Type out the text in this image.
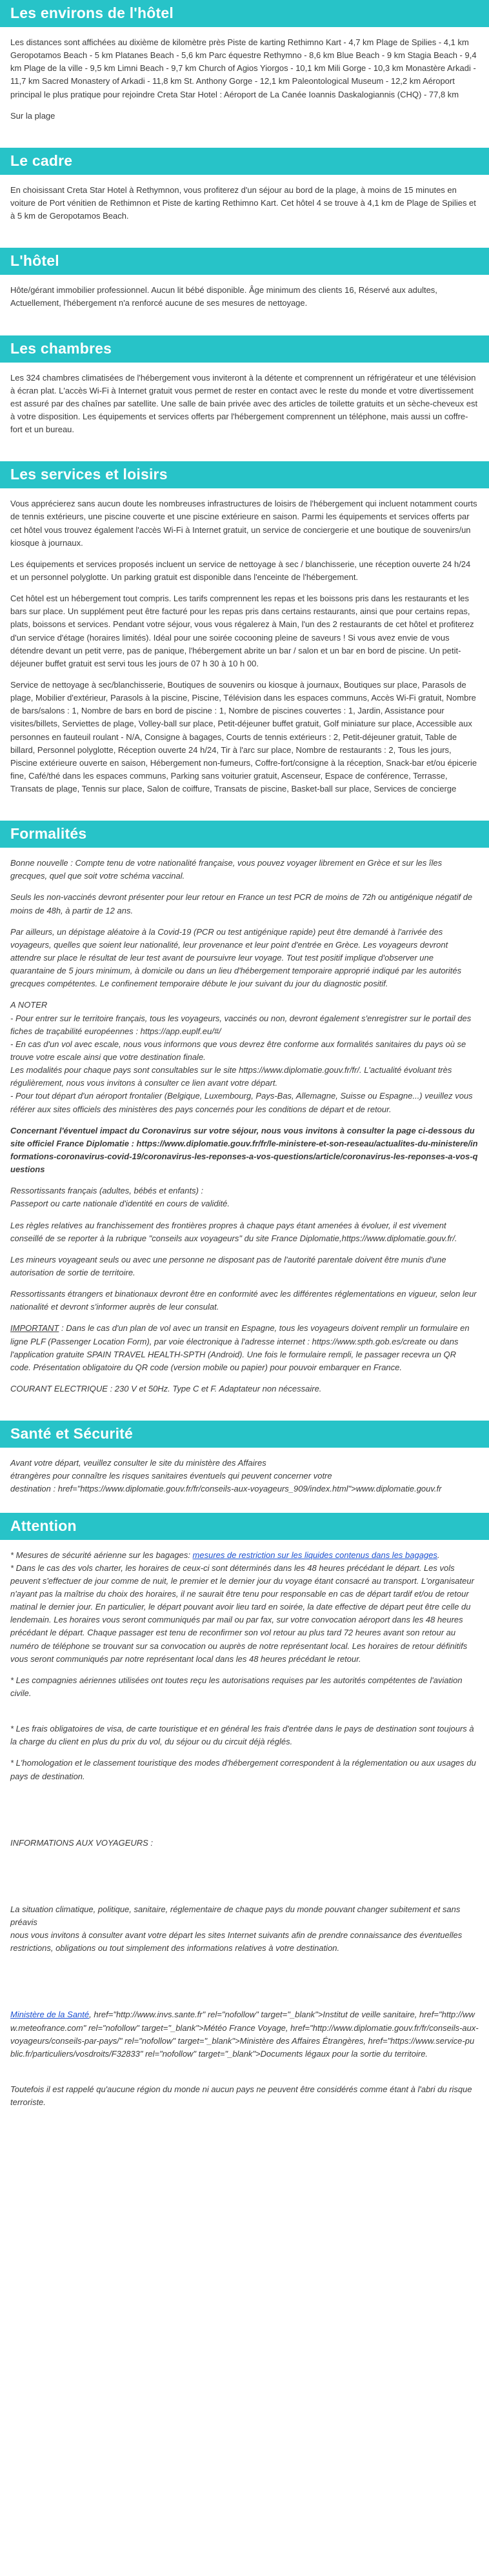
Les environs de l'hôtel

Les distances sont affichées au dixième de kilomètre près Piste de karting Rethimno Kart - 4,7 km Plage de Spilies - 4,1 km Geropotamos Beach - 5 km Platanes Beach - 5,6 km Parc équestre Rethymno - 8,6 km Blue Beach - 9 km Stagia Beach - 9,4 km Plage de la ville - 9,5 km Limni Beach - 9,7 km Church of Agios Yiorgos - 10,1 km Mili Gorge - 10,3 km Monastère Arkadi - 11,7 km Sacred Monastery of Arkadi - 11,8 km St. Anthony Gorge - 12,1 km Paleontological Museum - 12,2 km Aéroport principal le plus pratique pour rejoindre Creta Star Hotel : Aéroport de La Canée Ioannis Daskalogiannis (CHQ) - 77,8 km

Sur la plage

Le cadre

En choisissant Creta Star Hotel à Rethymnon, vous profiterez d'un séjour au bord de la plage, à moins de 15 minutes en voiture de Port vénitien de Rethimnon et Piste de karting Rethimno Kart. Cet hôtel 4 se trouve à 4,1 km de Plage de Spilies et à 5 km de Geropotamos Beach.

L'hôtel

Hôte/gérant immobilier professionnel. Aucun lit bébé disponible. Âge minimum des clients 16, Réservé aux adultes, Actuellement, l'hébergement n'a renforcé aucune de ses mesures de nettoyage.

Les chambres

Les 324 chambres climatisées de l'hébergement vous inviteront à la détente et comprennent un réfrigérateur et une télévision à écran plat. L'accès Wi-Fi à Internet gratuit vous permet de rester en contact avec le reste du monde et votre divertissement est assuré par des chaînes par satellite. Une salle de bain privée avec des articles de toilette gratuits et un sèche-cheveux est à votre disposition. Les équipements et services offerts par l'hébergement comprennent un téléphone, mais aussi un coffre-fort et un bureau.

Les services et loisirs

Vous apprécierez sans aucun doute les nombreuses infrastructures de loisirs de l'hébergement qui incluent notamment courts de tennis extérieurs, une piscine couverte et une piscine extérieure en saison. Parmi les équipements et services offerts par cet hôtel vous trouvez également l'accès Wi-Fi à Internet gratuit, un service de conciergerie et une boutique de souvenirs/un kiosque à journaux.

Les équipements et services proposés incluent un service de nettoyage à sec / blanchisserie, une réception ouverte 24 h/24 et un personnel polyglotte. Un parking gratuit est disponible dans l'enceinte de l'hébergement.

Cet hôtel est un hébergement tout compris. Les tarifs comprennent les repas et les boissons pris dans les restaurants et les bars sur place. Un supplément peut être facturé pour les repas pris dans certains restaurants, ainsi que pour certains repas, plats, boissons et services. Pendant votre séjour, vous vous régalerez à Main, l'un des 2 restaurants de cet hôtel et profiterez d'un service d'étage (horaires limités). Idéal pour une soirée cocooning pleine de saveurs ! Si vous avez envie de vous détendre devant un petit verre, pas de panique, l'hébergement abrite un bar / salon et un bar en bord de piscine. Un petit-déjeuner buffet gratuit est servi tous les jours de 07 h 30 à 10 h 00.

Service de nettoyage à sec/blanchisserie, Boutiques de souvenirs ou kiosque à journaux, Boutiques sur place, Parasols de plage, Mobilier d'extérieur, Parasols à la piscine, Piscine, Télévision dans les espaces communs, Accès Wi-Fi gratuit, Nombre de bars/salons : 1, Nombre de bars en bord de piscine : 1, Nombre de piscines couvertes : 1, Jardin, Assistance pour visites/billets, Serviettes de plage, Volley-ball sur place, Petit-déjeuner buffet gratuit, Golf miniature sur place, Accessible aux personnes en fauteuil roulant - N/A, Consigne à bagages, Courts de tennis extérieurs : 2, Petit-déjeuner gratuit, Table de billard, Personnel polyglotte, Réception ouverte 24 h/24, Tir à l'arc sur place, Nombre de restaurants : 2, Tous les jours, Piscine extérieure ouverte en saison, Hébergement non-fumeurs, Coffre-fort/consigne à la réception, Snack-bar et/ou épicerie fine, Café/thé dans les espaces communs, Parking sans voiturier gratuit, Ascenseur, Espace de conférence, Terrasse, Transats de plage, Tennis sur place, Salon de coiffure, Transats de piscine, Basket-ball sur place, Services de concierge

Formalités

Bonne nouvelle : Compte tenu de votre nationalité française, vous pouvez voyager librement en Grèce et sur les îles grecques, quel que soit votre schéma vaccinal.

Seuls les non-vaccinés devront présenter pour leur retour en France un test PCR de moins de 72h ou antigénique négatif de moins de 48h, à partir de 12 ans.

Par ailleurs, un dépistage aléatoire à la Covid-19 (PCR ou test antigénique rapide) peut être demandé à l'arrivée des voyageurs, quelles que soient leur nationalité, leur provenance et leur point d'entrée en Grèce. Les voyageurs devront attendre sur place le résultat de leur test avant de poursuivre leur voyage. Tout test positif implique d'observer une quarantaine de 5 jours minimum, à domicile ou dans un lieu d'hébergement temporaire approprié indiqué par les autorités grecques compétentes. Le confinement temporaire débute le jour suivant du jour du diagnostic positif.

A NOTER
- Pour entrer sur le territoire français, tous les voyageurs, vaccinés ou non, devront également s'enregistrer sur le portail des fiches de traçabilité européennes : https://app.euplf.eu/#/
- En cas d'un vol avec escale, nous vous informons que vous devrez être conforme aux formalités sanitaires du pays où se trouve votre escale ainsi que votre destination finale.
Les modalités pour chaque pays sont consultables sur le site https://www.diplomatie.gouv.fr/fr/. L'actualité évoluant très régulièrement, nous vous invitons à consulter ce lien avant votre départ.
- Pour tout départ d'un aéroport frontalier (Belgique, Luxembourg, Pays-Bas, Allemagne, Suisse ou Espagne...) veuillez vous référer aux sites officiels des ministères des pays concernés pour les conditions de départ et de retour.

Concernant l'éventuel impact du Coronavirus sur votre séjour, nous vous invitons à consulter la page ci-dessous du site officiel France Diplomatie : https://www.diplomatie.gouv.fr/fr/le-ministere-et-son-reseau/actualites-du-ministere/informations-coronavirus-covid-19/coronavirus-les-reponses-a-vos-questions/article/coronavirus-les-reponses-a-vos-questions

Ressortissants français (adultes, bébés et enfants) :
Passeport ou carte nationale d'identité en cours de validité.

Les règles relatives au franchissement des frontières propres à chaque pays étant amenées à évoluer, il est vivement conseillé de se reporter à la rubrique "conseils aux voyageurs" du site France Diplomatie,https://www.diplomatie.gouv.fr/.

Les mineurs voyageant seuls ou avec une personne ne disposant pas de l'autorité parentale doivent être munis d'une autorisation de sortie de territoire.

Ressortissants étrangers et binationaux devront être en conformité avec les différentes réglementations en vigueur, selon leur nationalité et devront s'informer auprès de leur consulat.

IMPORTANT : Dans le cas d'un plan de vol avec un transit en Espagne, tous les voyageurs doivent remplir un formulaire en ligne PLF (Passenger Location Form), par voie électronique à l'adresse internet : https://www.spth.gob.es/create ou dans l'application gratuite SPAIN TRAVEL HEALTH-SPTH (Android). Une fois le formulaire rempli, le passager recevra un QR code. Présentation obligatoire du QR code (version mobile ou papier) pour pouvoir embarquer en France.

COURANT ELECTRIQUE : 230 V et 50Hz. Type C et F. Adaptateur non nécessaire.

Santé et Sécurité
Avant votre départ, veuillez consulter le site du ministère des Affaires
étrangères pour connaître les risques sanitaires éventuels qui peuvent concerner votre
destination : href="https://www.diplomatie.gouv.fr/fr/conseils-aux-voyageurs_909/index.html">www.diplomatie.gouv.fr
Attention
* Mesures de sécurité aérienne sur les bagages: mesures de restriction sur les liquides contenus dans les bagages.

* Dans le cas des vols charter, les horaires de ceux-ci sont déterminés dans les 48 heures précédant le départ. Les vols peuvent s'effectuer de jour comme de nuit, le premier et le dernier jour du voyage étant consacré au transport. L'organisateur n'ayant pas la maîtrise du choix des horaires, il ne saurait être tenu pour responsable en cas de départ tardif et/ou de retour matinal le dernier jour. En particulier, le départ pouvant avoir lieu tard en soirée, la date effective de départ peut être celle du lendemain. Les horaires vous seront communiqués par mail ou par fax, sur votre convocation aéroport dans les 48 heures précédant le départ. Chaque passager est tenu de reconfirmer son vol retour au plus tard 72 heures avant son retour au numéro de téléphone se trouvant sur sa convocation ou auprès de notre représentant local. Les horaires de retour définitifs vous seront communiqués par notre représentant local dans les 48 heures précédant le retour.

* Les compagnies aériennes utilisées ont toutes reçu les autorisations requises par les autorités compétentes de l'aviation civile.

* Les frais obligatoires de visa, de carte touristique et en général les frais d'entrée dans le pays de destination sont toujours à la charge du client en plus du prix du vol, du séjour ou du circuit déjà réglés.

* L'homologation et le classement touristique des modes d'hébergement correspondent à la réglementation ou aux usages du pays de destination.

INFORMATIONS AUX VOYAGEURS :

La situation climatique, politique, sanitaire, réglementaire de chaque pays du monde pouvant changer subitement et sans préavis

nous vous invitons à consulter avant votre départ les sites Internet suivants afin de prendre connaissance des éventuelles restrictions, obligations ou tout simplement des informations relatives à votre destination.

Ministère de la Santé, href="http://www.invs.sante.fr" rel="nofollow" target="_blank">Institut de veille sanitaire, href="http://www.meteofrance.com" rel="nofollow" target="_blank">Météo France Voyage, href="http://www.diplomatie.gouv.fr/fr/conseils-aux-voyageurs/conseils-par-pays/" rel="nofollow" target="_blank">Ministère des Affaires Étrangères, href="https://www.service-public.fr/particuliers/vosdroits/F32833" rel="nofollow" target="_blank">Documents légaux pour la sortie du territoire.

Toutefois il est rappelé qu'aucune région du monde ni aucun pays ne peuvent être considérés comme étant à l'abri du risque terroriste.
